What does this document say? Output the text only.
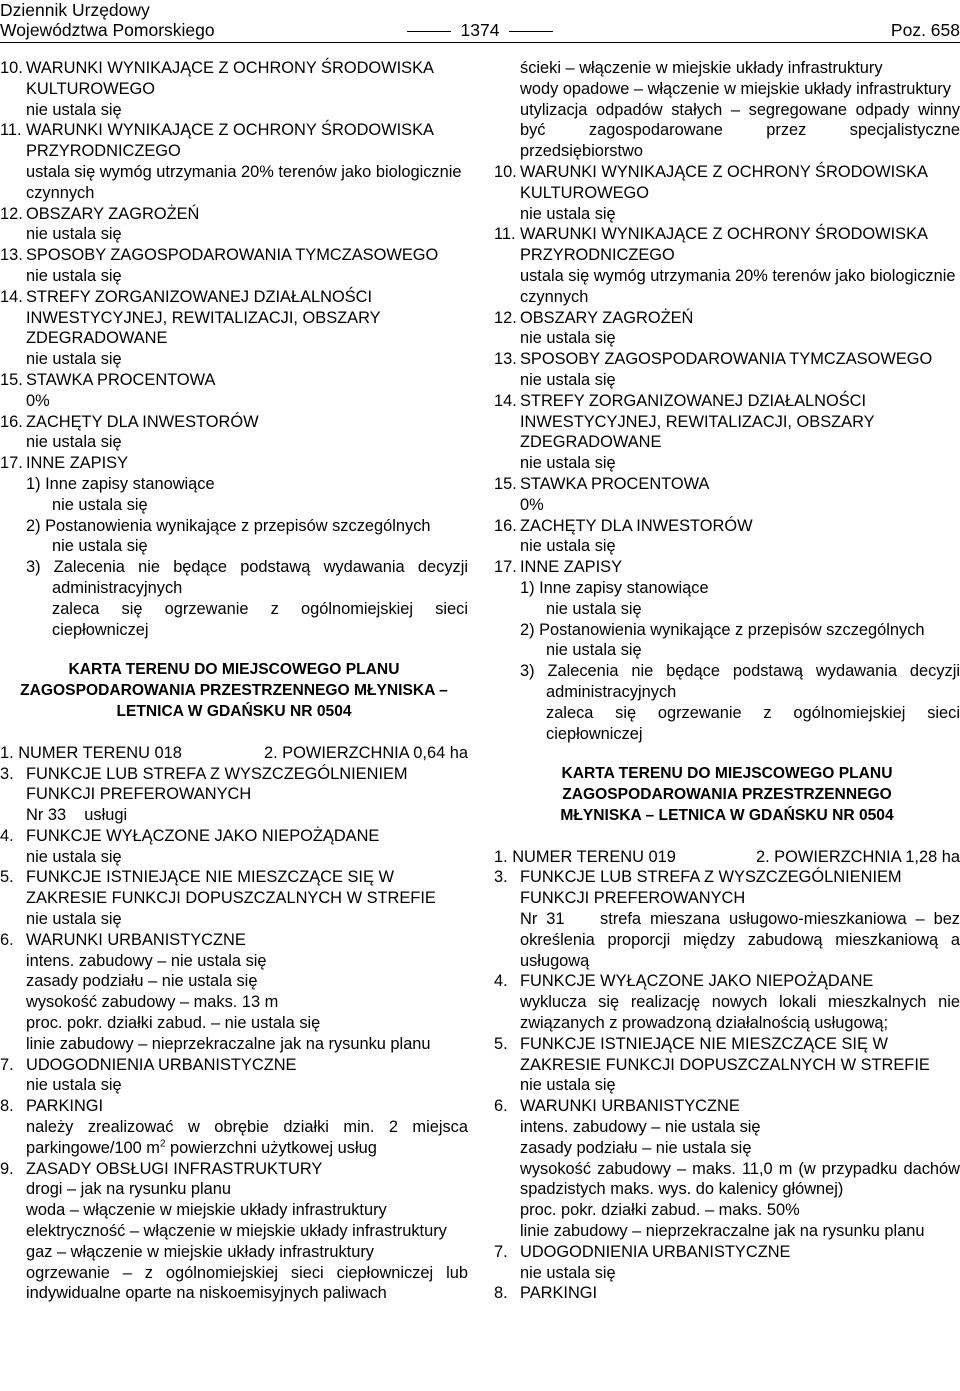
Dziennik Urzędowy
Województwa Pomorskiego	1374	Poz. 658
10. WARUNKI WYNIKAJĄCE Z OCHRONY ŚRODOWISKA KULTUROWEGO
nie ustala się
11. WARUNKI WYNIKAJĄCE Z OCHRONY ŚRODOWISKA PRZYRODNICZEGO
ustala się wymóg utrzymania 20% terenów jako biologicznie czynnych
12. OBSZARY ZAGROŻEŃ
nie ustala się
13. SPOSOBY ZAGOSPODAROWANIA TYMCZASOWEGO
nie ustala się
14. STREFY ZORGANIZOWANEJ DZIAŁALNOŚCI INWESTYCYJNEJ, REWITALIZACJI, OBSZARY ZDEGRADOWANE
nie ustala się
15. STAWKA PROCENTOWA
0%
16. ZACHĘTY DLA INWESTORÓW
nie ustala się
17. INNE ZAPISY
1) Inne zapisy stanowiące
nie ustala się
2) Postanowienia wynikające z przepisów szczególnych
nie ustala się
3) Zalecenia nie będące podstawą wydawania decyzji administracyjnych
zaleca się ogrzewanie z ogólnomiejskiej sieci ciepłowniczej
KARTA TERENU DO MIEJSCOWEGO PLANU ZAGOSPODAROWANIA PRZESTRZENNEGO MŁYNISKA – LETNICA W GDAŃSKU NR 0504
1. NUMER TERENU 018	2. POWIERZCHNIA 0,64 ha
3. FUNKCJE LUB STREFA Z WYSZCZEGÓLNIENIEM FUNKCJI PREFEROWANYCH
Nr 33    usługi
4. FUNKCJE WYŁĄCZONE JAKO NIEPOŻĄDANE
nie ustala się
5. FUNKCJE ISTNIEJĄCE NIE MIESZCZĄCE SIĘ W ZAKRESIE FUNKCJI DOPUSZCZALNYCH W STREFIE
nie ustala się
6. WARUNKI URBANISTYCZNE
intens. zabudowy – nie ustala się
zasady podziału – nie ustala się
wysokość zabudowy – maks. 13 m
proc. pokr. działki zabud. – nie ustala się
linie zabudowy – nieprzekraczalne jak na rysunku planu
7. UDOGODNIENIA URBANISTYCZNE
nie ustala się
8. PARKINGI
należy zrealizować w obrębie działki min. 2 miejsca parkingowe/100 $m^2$ powierzchni użytkowej usług
9. ZASADY OBSŁUGI INFRASTRUKTURY
drogi – jak na rysunku planu
woda – włączenie w miejskie układy infrastruktury
elektryczność – włączenie w miejskie układy infrastruktury
gaz – włączenie w miejskie układy infrastruktury
ogrzewanie – z ogólnomiejskiej sieci ciepłowniczej lub indywidualne oparte na niskoemisyjnych paliwach
ścieki – włączenie w miejskie układy infrastruktury
wody opadowe – włączenie w miejskie układy infrastruktury
utylizacja odpadów stałych – segregowane odpady winny być zagospodarowane przez specjalistyczne przedsiębiorstwo
10. WARUNKI WYNIKAJĄCE Z OCHRONY ŚRODOWISKA KULTUROWEGO
nie ustala się
11. WARUNKI WYNIKAJĄCE Z OCHRONY ŚRODOWISKA PRZYRODNICZEGO
ustala się wymóg utrzymania 20% terenów jako biologicznie czynnych
12. OBSZARY ZAGROŻEŃ
nie ustala się
13. SPOSOBY ZAGOSPODAROWANIA TYMCZASOWEGO
nie ustala się
14. STREFY ZORGANIZOWANEJ DZIAŁALNOŚCI INWESTYCYJNEJ, REWITALIZACJI, OBSZARY ZDEGRADOWANE
nie ustala się
15. STAWKA PROCENTOWA
0%
16. ZACHĘTY DLA INWESTORÓW
nie ustala się
17. INNE ZAPISY
1) Inne zapisy stanowiące
nie ustala się
2) Postanowienia wynikające z przepisów szczególnych
nie ustala się
3) Zalecenia nie będące podstawą wydawania decyzji administracyjnych
zaleca się ogrzewanie z ogólnomiejskiej sieci ciepłowniczej
KARTA TERENU DO MIEJSCOWEGO PLANU ZAGOSPODAROWANIA PRZESTRZENNEGO MŁYNISKA – LETNICA W GDAŃSKU NR 0504
1. NUMER TERENU 019	2. POWIERZCHNIA 1,28 ha
3. FUNKCJE LUB STREFA Z WYSZCZEGÓLNIENIEM FUNKCJI PREFEROWANYCH
Nr 31    strefa mieszana usługowo-mieszkaniowa – bez określenia proporcji między zabudową mieszkaniową a usługową
4. FUNKCJE WYŁĄCZONE JAKO NIEPOŻĄDANE
wyklucza się realizację nowych lokali mieszkalnych nie związanych z prowadzoną działalnością usługową;
5. FUNKCJE ISTNIEJĄCE NIE MIESZCZĄCE SIĘ W ZAKRESIE FUNKCJI DOPUSZCZALNYCH W STREFIE
nie ustala się
6. WARUNKI URBANISTYCZNE
intens. zabudowy – nie ustala się
zasady podziału – nie ustala się
wysokość zabudowy – maks. 11,0 m (w przypadku dachów spadzistych maks. wys. do kalenicy głównej)
proc. pokr. działki zabud. – maks. 50%
linie zabudowy – nieprzekraczalne jak na rysunku planu
7. UDOGODNIENIA URBANISTYCZNE
nie ustala się
8. PARKINGI
